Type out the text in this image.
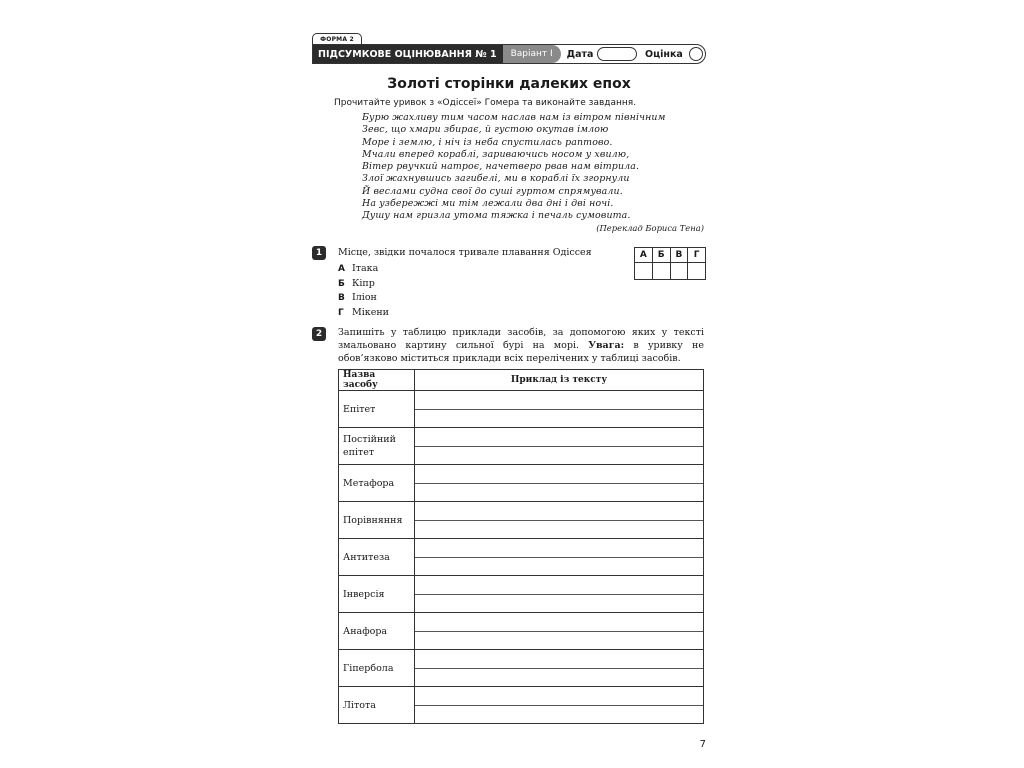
ФОРМА 2
ПІДСУМКОВЕ ОЦІНЮВАННЯ № 1	Варіант І	Дата	Оцінка
Золоті сторінки далеких епох
Прочитайте уривок з «Одіссеї» Гомера та виконайте завдання.
Бурю жахливу тим часом наслав нам із вітром північним
Зевс, що хмари збирає, й густою окутав імлою
Море і землю, і ніч із неба спустилась раптово.
Мчали вперед кораблі, зариваючись носом у хвилю,
Вітер рвучкий натроє, начетверо рвав нам вітрила.
Злої жахнувшись загибелі, ми в кораблі їх згорнули
Й веслами судна свої до суші гуртом спрямували.
На узбережжі ми тім лежали два дні і дві ночі.
Душу нам гризла утома тяжка і печаль сумовита.
(Переклад Бориса Тена)
1	Місце, звідки почалося тривале плавання Одіссея
А Ітака
Б Кіпр
В Іліон
Г Мікени
А	Б	В	Г

2	Запишіть у таблицю приклади засобів, за допомогою яких у тексті змальовано картину сильної бурі на морі. Увага: в уривку не обов’язково міститься приклади всіх перелічених у таблиці засобів.
Назва засобу	Приклад із тексту
Епітет	

Постійний епітет	

Метафора	

Порівняння	

Антитеза	

Інверсія	

Анафора	

Гіпербола	

Літота	
7
